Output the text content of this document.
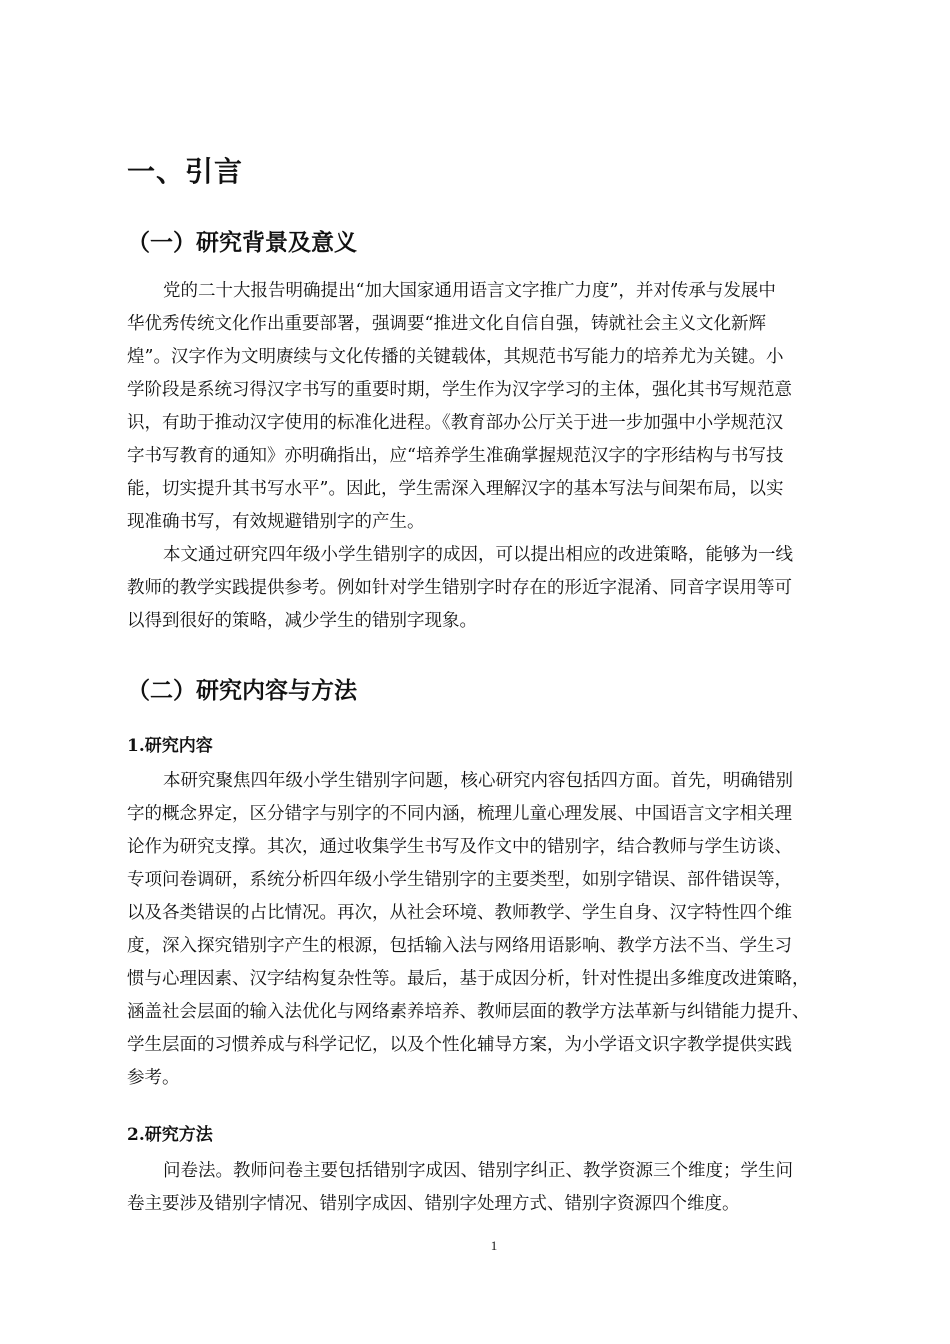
一、引言
（一）研究背景及意义
党的二十大报告明确提出“加大国家通用语言文字推广力度”，并对传承与发展中
华优秀传统文化作出重要部署，强调要“推进文化自信自强，铸就社会主义文化新辉
煌”。汉字作为文明赓续与文化传播的关键载体，其规范书写能力的培养尤为关键。小
学阶段是系统习得汉字书写的重要时期，学生作为汉字学习的主体，强化其书写规范意
识，有助于推动汉字使用的标准化进程。《教育部办公厅关于进一步加强中小学规范汉
字书写教育的通知》亦明确指出，应“培养学生准确掌握规范汉字的字形结构与书写技
能，切实提升其书写水平”。因此，学生需深入理解汉字的基本写法与间架布局，以实
现准确书写，有效规避错别字的产生。
本文通过研究四年级小学生错别字的成因，可以提出相应的改进策略，能够为一线
教师的教学实践提供参考。例如针对学生错别字时存在的形近字混淆、同音字误用等可
以得到很好的策略，减少学生的错别字现象。
（二）研究内容与方法
1.研究内容
本研究聚焦四年级小学生错别字问题，核心研究内容包括四方面。首先，明确错别
字的概念界定，区分错字与别字的不同内涵，梳理儿童心理发展、中国语言文字相关理
论作为研究支撑。其次，通过收集学生书写及作文中的错别字，结合教师与学生访谈、
专项问卷调研，系统分析四年级小学生错别字的主要类型，如别字错误、部件错误等，
以及各类错误的占比情况。再次，从社会环境、教师教学、学生自身、汉字特性四个维
度，深入探究错别字产生的根源，包括输入法与网络用语影响、教学方法不当、学生习
惯与心理因素、汉字结构复杂性等。最后，基于成因分析，针对性提出多维度改进策略，
涵盖社会层面的输入法优化与网络素养培养、教师层面的教学方法革新与纠错能力提升、
学生层面的习惯养成与科学记忆，以及个性化辅导方案，为小学语文识字教学提供实践
参考。
2.研究方法
问卷法。教师问卷主要包括错别字成因、错别字纠正、教学资源三个维度；学生问
卷主要涉及错别字情况、错别字成因、错别字处理方式、错别字资源四个维度。
1
